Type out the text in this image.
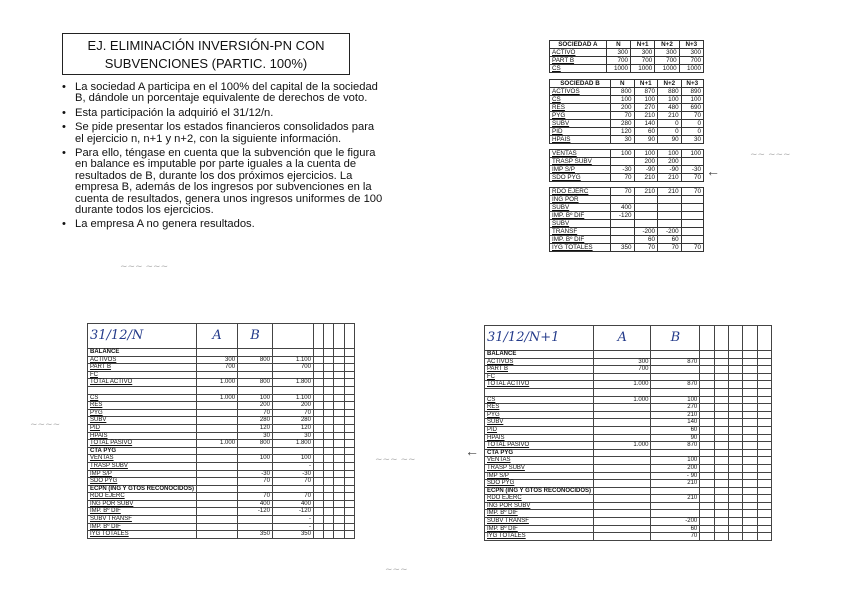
EJ. ELIMINACIÓN INVERSIÓN-PN CON
SUBVENCIONES (PARTIC. 100%)
• La sociedad A participa en el 100% del capital de la sociedad B, dándole un porcentaje equivalente de derechos de voto.
• Esta participación la adquirió el 31/12/n.
• Se pide presentar los estados financieros consolidados para el ejercicio n, n+1 y n+2, con la siguiente información.
• Para ello, téngase en cuenta que la subvención que le figura en balance es imputable por parte iguales a la cuenta de resultados de B, durante los dos próximos ejercicios. La empresa B, además de los ingresos por subvenciones en la cuenta de resultados, genera unos ingresos uniformes de 100 durante todos los ejercicios.
• La empresa A no genera resultados.
SOCIEDAD A	N	N+1	N+2	N+3
ACTIVO	300	300	300	300
PART B	700	700	700	700
CS	1000	1000	1000	1000
SOCIEDAD B	N	N+1	N+2	N+3
ACTIVOS	800	870	880	890
CS	100	100	100	100
RES	200	270	480	690
PYG	70	210	210	70
SUBV	280	140	0	0
PID	120	60	0	0
HPAIS	30	90	90	30

VENTAS	100	100	100	100
TRASP SUBV		200	200	
IMP S/P	-30	-90	-90	-30
SDO PYG	70	210	210	70

RDO EJERC	70	210	210	70
ING POR				
SUBV	400			
IMP. Bº DIF	-120			
SUBV				
TRANSF		-200	-200	
IMP. Bº DIF		60	60	
IYG TOTALES	350	70	70	70
←
←
~~ ~~~
~~~ ~~~
~~~~
~~~ ~~
~~~
31/12/N	A	B					
BALANCE							
ACTIVOS	300	800	1.100				
PART B	700		700				
FC							
TOTAL ACTIVO	1.000	800	1.800				

CS	1.000	100	1.100				
RES		200	200				
PYG		70	70				
SUBV		280	280				
PID		120	120				
HPAIS		30	30				
TOTAL PASIVO	1.000	800	1.800				
CTA PYG							
VENTAS		100	100				
TRASP SUBV			-				
IMP S/P		-30	-30				
SDO PYG		70	70				
ECPN (ING Y GTOS RECONOCIDOS)							
RDO EJERC		70	70				
ING POR SUBV		400	400				
IMP. Bº DIF		-120	-120				
SUBV TRANSF			-				
IMP. Bº DIF			-				
IYG TOTALES		350	350				
31/12/N+1	A	B					
BALANCE							
ACTIVOS	300	870					
PART B	700						
FC							
TOTAL ACTIVO	1.000	870					

CS	1.000	100					
RES		270					
PYG		210					
SUBV		140					
PID		60					
HPAIS		90					
TOTAL PASIVO	1.000	870					
CTA PYG							
VENTAS		100					
TRASP SUBV		200					
IMP S/P		- 90					
SDO PYG		210					
ECPN (ING Y GTOS RECONOCIDOS)							
RDO EJERC		210					
ING POR SUBV							
IMP. Bº DIF							
SUBV TRANSF		-200					
IMP. Bº DIF		60					
IYG TOTALES		70					
